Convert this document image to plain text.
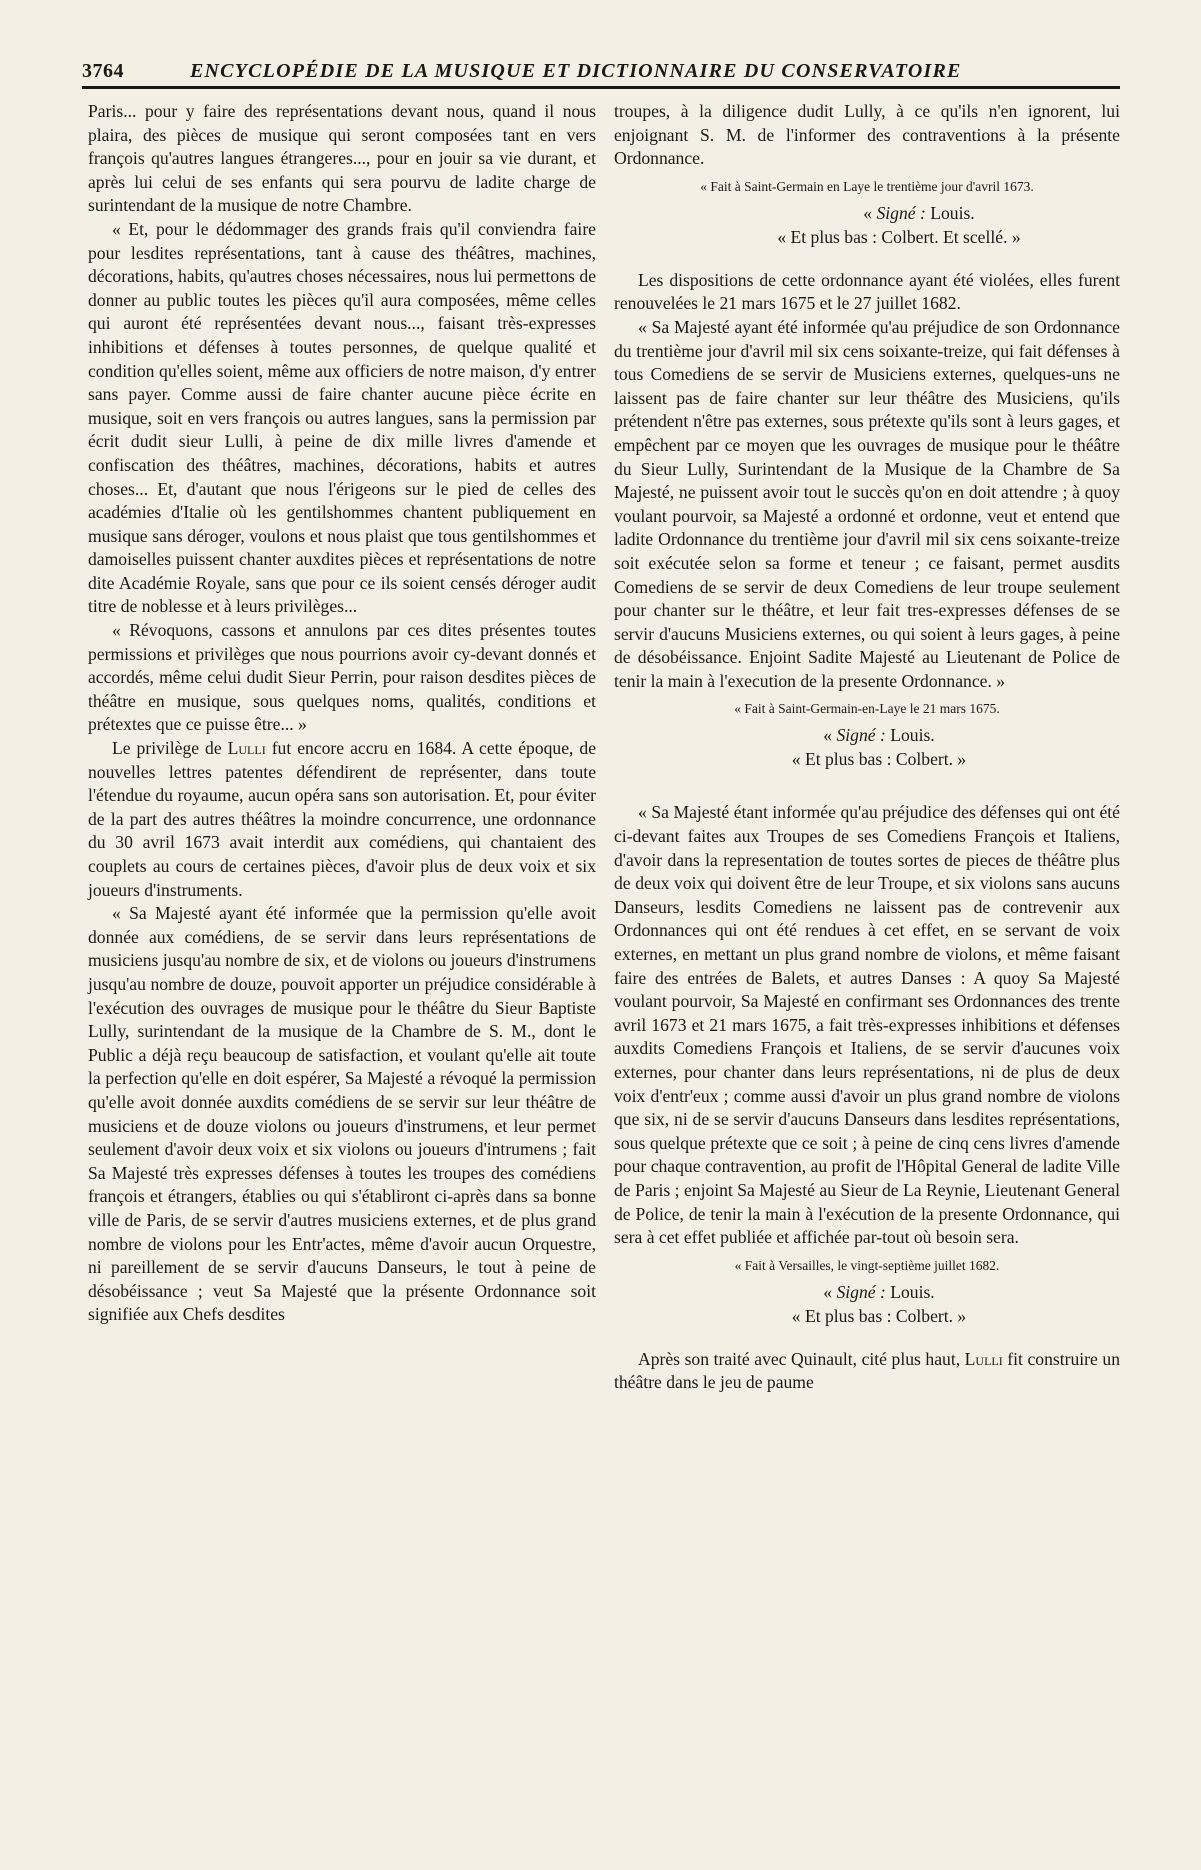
3764	ENCYCLOPÉDIE DE LA MUSIQUE ET DICTIONNAIRE DU CONSERVATOIRE

Paris... pour y faire des représentations devant nous, quand il nous plaira, des pièces de musique qui seront composées tant en vers françois qu'autres langues étrangeres..., pour en jouir sa vie durant, et après lui celui de ses enfants qui sera pourvu de ladite charge de surintendant de la musique de notre Chambre.

« Et, pour le dédommager des grands frais qu'il conviendra faire pour lesdites représentations, tant à cause des théâtres, machines, décorations, habits, qu'autres choses nécessaires, nous lui permettons de donner au public toutes les pièces qu'il aura composées, même celles qui auront été représentées devant nous..., faisant très-expresses inhibitions et défenses à toutes personnes, de quelque qualité et condition qu'elles soient, même aux officiers de notre maison, d'y entrer sans payer. Comme aussi de faire chanter aucune pièce écrite en musique, soit en vers françois ou autres langues, sans la permission par écrit dudit sieur Lulli, à peine de dix mille livres d'amende et confiscation des théâtres, machines, décorations, habits et autres choses... Et, d'autant que nous l'érigeons sur le pied de celles des académies d'Italie où les gentilshommes chantent publiquement en musique sans déroger, voulons et nous plaist que tous gentilshommes et damoiselles puissent chanter auxdites pièces et représentations de notre dite Académie Royale, sans que pour ce ils soient censés déroger audit titre de noblesse et à leurs privilèges...

« Révoquons, cassons et annulons par ces dites présentes toutes permissions et privilèges que nous pourrions avoir cy-devant donnés et accordés, même celui dudit Sieur Perrin, pour raison desdites pièces de théâtre en musique, sous quelques noms, qualités, conditions et prétextes que ce puisse être... »

Le privilège de Lulli fut encore accru en 1684. A cette époque, de nouvelles lettres patentes défendirent de représenter, dans toute l'étendue du royaume, aucun opéra sans son autorisation. Et, pour éviter de la part des autres théâtres la moindre concurrence, une ordonnance du 30 avril 1673 avait interdit aux comédiens, qui chantaient des couplets au cours de certaines pièces, d'avoir plus de deux voix et six joueurs d'instruments.

« Sa Majesté ayant été informée que la permission qu'elle avoit donnée aux comédiens, de se servir dans leurs représentations de musiciens jusqu'au nombre de six, et de violons ou joueurs d'instrumens jusqu'au nombre de douze, pouvoit apporter un préjudice considérable à l'exécution des ouvrages de musique pour le théâtre du Sieur Baptiste Lully, surintendant de la musique de la Chambre de S. M., dont le Public a déjà reçu beaucoup de satisfaction, et voulant qu'elle ait toute la perfection qu'elle en doit espérer, Sa Majesté a révoqué la permission qu'elle avoit donnée auxdits comédiens de se servir sur leur théâtre de musiciens et de douze violons ou joueurs d'instrumens, et leur permet seulement d'avoir deux voix et six violons ou joueurs d'intrumens ; fait Sa Majesté très expresses défenses à toutes les troupes des comédiens françois et étrangers, établies ou qui s'établiront ci-après dans sa bonne ville de Paris, de se servir d'autres musiciens externes, et de plus grand nombre de violons pour les Entr'actes, même d'avoir aucun Orquestre, ni pareillement de se servir d'aucuns Danseurs, le tout à peine de désobéissance ; veut Sa Majesté que la présente Ordonnance soit signifiée aux Chefs desdites

troupes, à la diligence dudit Lully, à ce qu'ils n'en ignorent, lui enjoignant S. M. de l'informer des contraventions à la présente Ordonnance.

« Fait à Saint-Germain en Laye le trentième jour d'avril 1673.

« Signé : Louis.

« Et plus bas : Colbert. Et scellé. »

Les dispositions de cette ordonnance ayant été violées, elles furent renouvelées le 21 mars 1675 et le 27 juillet 1682.

« Sa Majesté ayant été informée qu'au préjudice de son Ordonnance du trentième jour d'avril mil six cens soixante-treize, qui fait défenses à tous Comediens de se servir de Musiciens externes, quelques-uns ne laissent pas de faire chanter sur leur théâtre des Musiciens, qu'ils prétendent n'être pas externes, sous prétexte qu'ils sont à leurs gages, et empêchent par ce moyen que les ouvrages de musique pour le théâtre du Sieur Lully, Surintendant de la Musique de la Chambre de Sa Majesté, ne puissent avoir tout le succès qu'on en doit attendre ; à quoy voulant pourvoir, sa Majesté a ordonné et ordonne, veut et entend que ladite Ordonnance du trentième jour d'avril mil six cens soixante-treize soit exécutée selon sa forme et teneur ; ce faisant, permet ausdits Comediens de se servir de deux Comediens de leur troupe seulement pour chanter sur le théâtre, et leur fait tres-expresses défenses de se servir d'aucuns Musiciens externes, ou qui soient à leurs gages, à peine de désobéissance. Enjoint Sadite Majesté au Lieutenant de Police de tenir la main à l'execution de la presente Ordonnance. »

« Fait à Saint-Germain-en-Laye le 21 mars 1675.

« Signé : Louis.

« Et plus bas : Colbert. »

« Sa Majesté étant informée qu'au préjudice des défenses qui ont été ci-devant faites aux Troupes de ses Comediens François et Italiens, d'avoir dans la representation de toutes sortes de pieces de théâtre plus de deux voix qui doivent être de leur Troupe, et six violons sans aucuns Danseurs, lesdits Comediens ne laissent pas de contrevenir aux Ordonnances qui ont été rendues à cet effet, en se servant de voix externes, en mettant un plus grand nombre de violons, et même faisant faire des entrées de Balets, et autres Danses : A quoy Sa Majesté voulant pourvoir, Sa Majesté en confirmant ses Ordonnances des trente avril 1673 et 21 mars 1675, a fait très-expresses inhibitions et défenses auxdits Comediens François et Italiens, de se servir d'aucunes voix externes, pour chanter dans leurs représentations, ni de plus de deux voix d'entr'eux ; comme aussi d'avoir un plus grand nombre de violons que six, ni de se servir d'aucuns Danseurs dans lesdites représentations, sous quelque prétexte que ce soit ; à peine de cinq cens livres d'amende pour chaque contravention, au profit de l'Hôpital General de ladite Ville de Paris ; enjoint Sa Majesté au Sieur de La Reynie, Lieutenant General de Police, de tenir la main à l'exécution de la presente Ordonnance, qui sera à cet effet publiée et affichée par-tout où besoin sera.

« Fait à Versailles, le vingt-septième juillet 1682.

« Signé : Louis.

« Et plus bas : Colbert. »

Après son traité avec Quinault, cité plus haut, Lulli fit construire un théâtre dans le jeu de paume
